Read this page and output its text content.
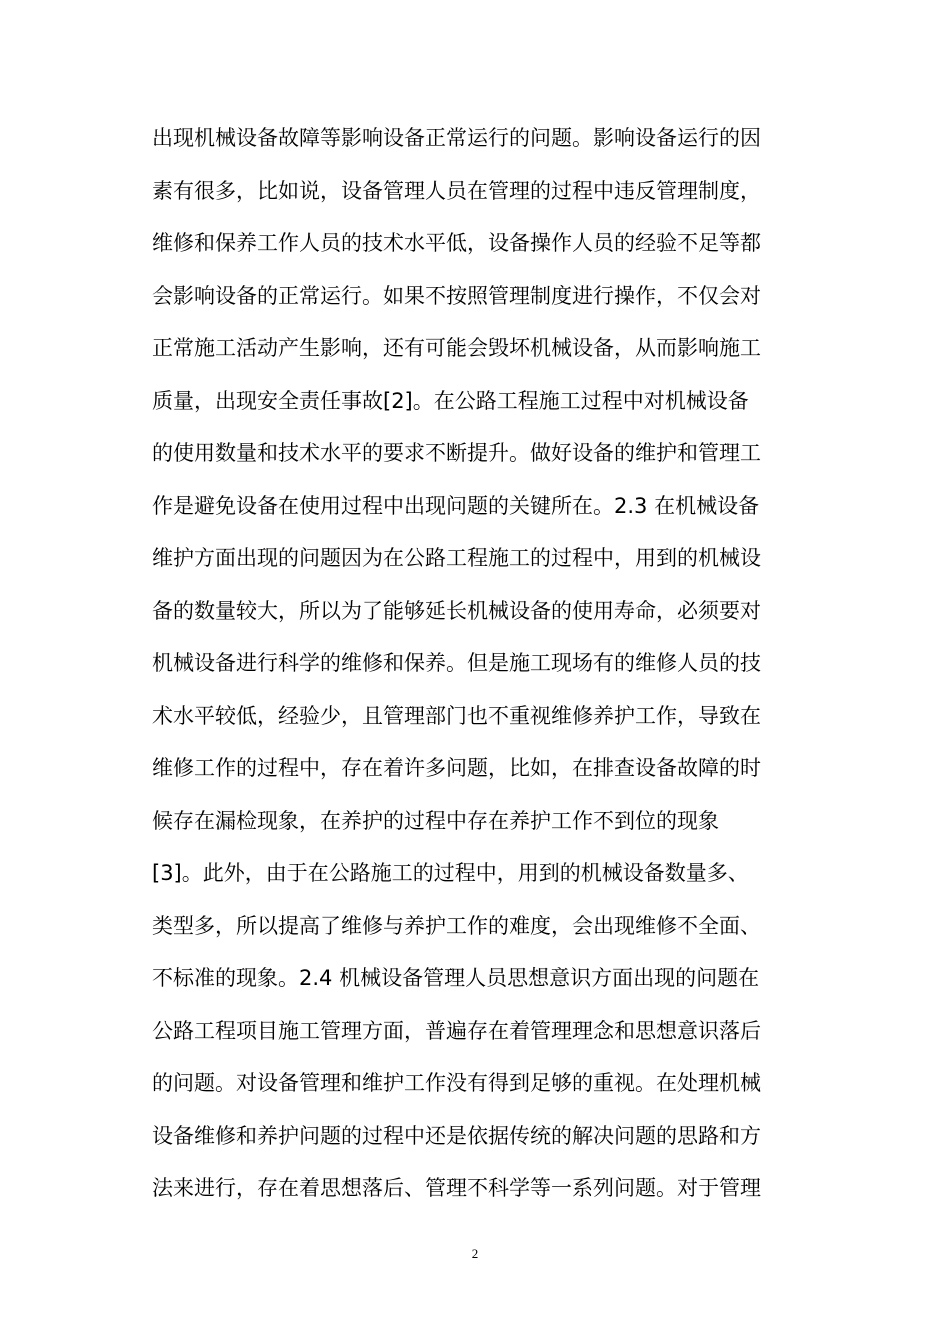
出现机械设备故障等影响设备正常运行的问题。影响设备运行的因
素有很多，比如说，设备管理人员在管理的过程中违反管理制度，
维修和保养工作人员的技术水平低，设备操作人员的经验不足等都
会影响设备的正常运行。如果不按照管理制度进行操作，不仅会对
正常施工活动产生影响，还有可能会毁坏机械设备，从而影响施工
质量，出现安全责任事故[2]。在公路工程施工过程中对机械设备
的使用数量和技术水平的要求不断提升。做好设备的维护和管理工
作是避免设备在使用过程中出现问题的关键所在。2.3 在机械设备
维护方面出现的问题因为在公路工程施工的过程中，用到的机械设
备的数量较大，所以为了能够延长机械设备的使用寿命，必须要对
机械设备进行科学的维修和保养。但是施工现场有的维修人员的技
术水平较低，经验少，且管理部门也不重视维修养护工作，导致在
维修工作的过程中，存在着许多问题，比如，在排查设备故障的时
候存在漏检现象，在养护的过程中存在养护工作不到位的现象
[3]。此外，由于在公路施工的过程中，用到的机械设备数量多、
类型多，所以提高了维修与养护工作的难度，会出现维修不全面、
不标准的现象。2.4 机械设备管理人员思想意识方面出现的问题在
公路工程项目施工管理方面，普遍存在着管理理念和思想意识落后
的问题。对设备管理和维护工作没有得到足够的重视。在处理机械
设备维修和养护问题的过程中还是依据传统的解决问题的思路和方
法来进行，存在着思想落后、管理不科学等一系列问题。对于管理
2
